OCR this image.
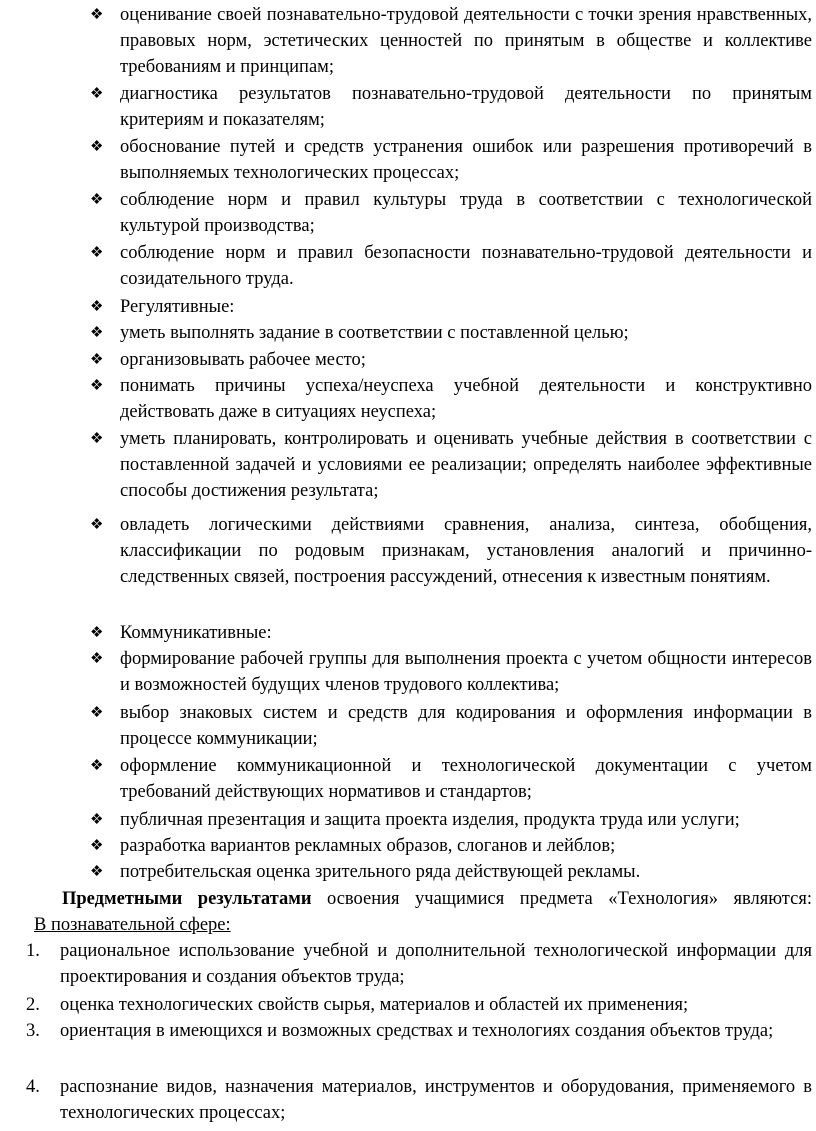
❖ оценивание своей познавательно-трудовой деятельности с точки зрения нравственных, правовых норм, эстетических ценностей по принятым в обществе и коллективе требованиям и принципам;
❖ диагностика результатов познавательно-трудовой деятельности по принятым критериям и показателям;
❖ обоснование путей и средств устранения ошибок или разрешения противоречий в выполняемых технологических процессах;
❖ соблюдение норм и правил культуры труда в соответствии с технологической культурой производства;
❖ соблюдение норм и правил безопасности познавательно-трудовой деятельности и созидательного труда.
❖ Регулятивные:
❖ уметь выполнять задание в соответствии с поставленной целью;
❖ организовывать рабочее место;
❖ понимать причины успеха/неуспеха учебной деятельности и конструктивно действовать даже в ситуациях неуспеха;
❖ уметь планировать, контролировать и оценивать учебные действия в соответствии с поставленной задачей и условиями ее реализации; определять наиболее эффективные способы достижения результата;
❖ овладеть логическими действиями сравнения, анализа, синтеза, обобщения, классификации по родовым признакам, установления аналогий и причинно-следственных связей, построения рассуждений, отнесения к известным понятиям.
❖ Коммуникативные:
❖ формирование рабочей группы для выполнения проекта с учетом общности интересов и возможностей будущих членов трудового коллектива;
❖ выбор знаковых систем и средств для кодирования и оформления информации в процессе коммуникации;
❖ оформление коммуникационной и технологической документации с учетом требований действующих нормативов и стандартов;
❖ публичная презентация и защита проекта изделия, продукта труда или услуги;
❖ разработка вариантов рекламных образов, слоганов и лейблов;
❖ потребительская оценка зрительного ряда действующей рекламы.

Предметными результатами освоения учащимися предмета «Технология» являются:

В познавательной сфере:

1.	рациональное использование учебной и дополнительной технологической информации для проектирования и создания объектов труда;
2.	оценка технологических свойств сырья, материалов и областей их применения;
3.	ориентация в имеющихся и возможных средствах и технологиях создания объектов труда;
4.	распознание видов, назначения материалов, инструментов и оборудования, применяемого в технологических процессах;
